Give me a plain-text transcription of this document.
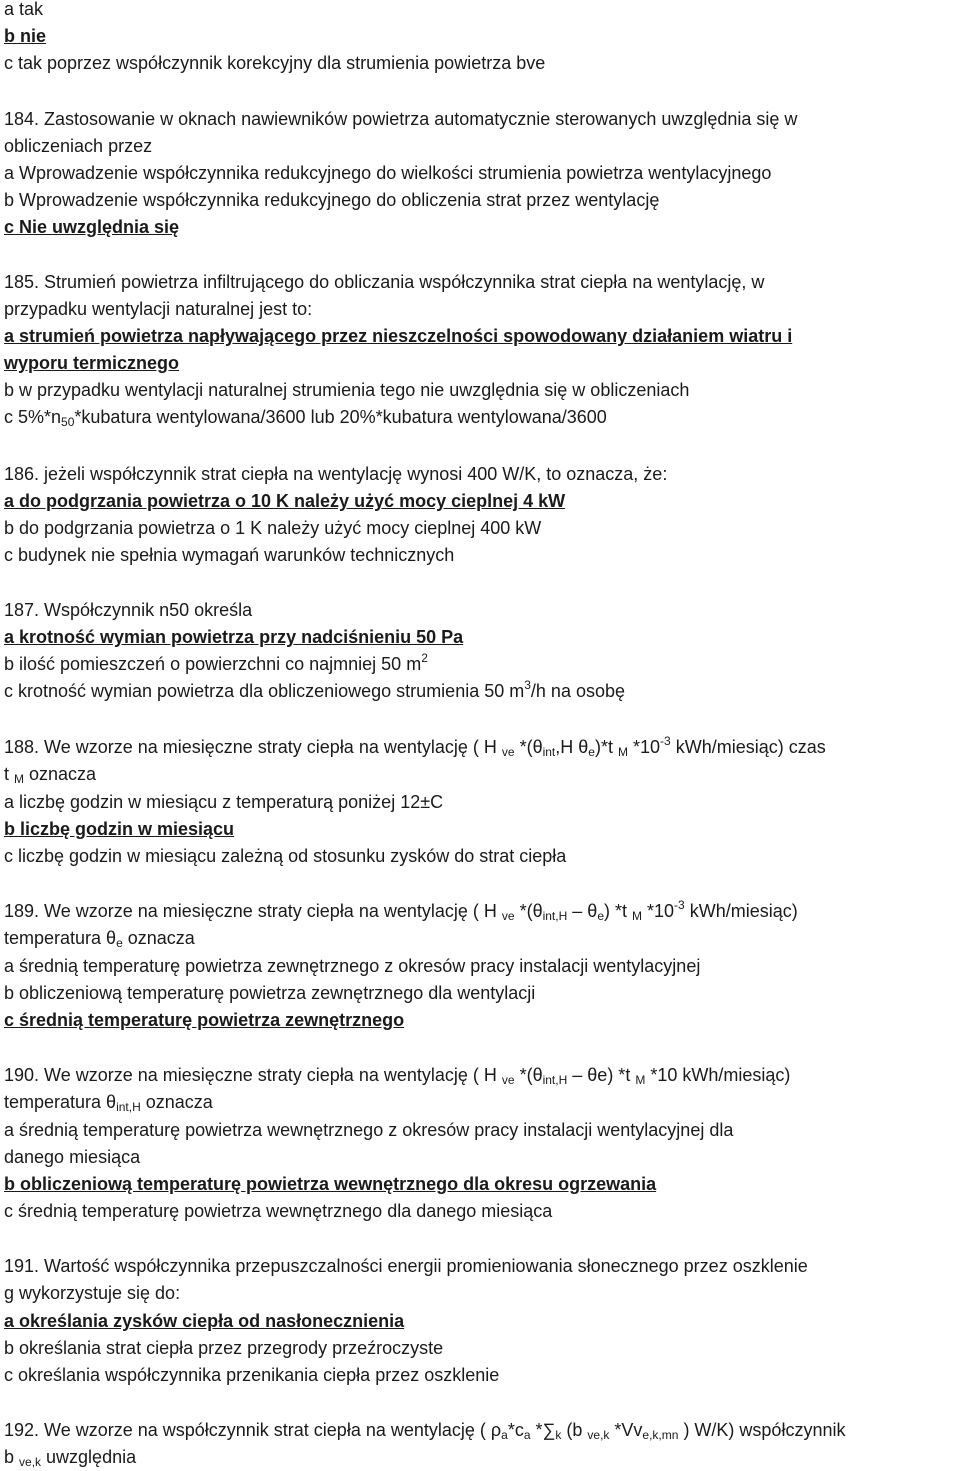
a tak
b nie
c tak poprzez współczynnik korekcyjny dla strumienia powietrza bve
184. Zastosowanie w oknach nawiewników powietrza automatycznie sterowanych uwzględnia się w
obliczeniach przez
a Wprowadzenie współczynnika redukcyjnego do wielkości strumienia powietrza wentylacyjnego
b Wprowadzenie współczynnika redukcyjnego do obliczenia strat przez wentylację
c Nie uwzględnia się
185. Strumień powietrza infiltrującego do obliczania współczynnika strat ciepła na wentylację, w
przypadku wentylacji naturalnej jest to:
a strumień powietrza napływającego przez nieszczelności spowodowany działaniem wiatru i
wyporu termicznego
b w przypadku wentylacji naturalnej strumienia tego nie uwzględnia się w obliczeniach
c $5\%*n_{50}*kubatura$ wentylowana/3600 lub 20%*kubatura wentylowana/3600
186. jeżeli współczynnik strat ciepła na wentylację wynosi 400 W/K, to oznacza, że:
a do podgrzania powietrza o 10 K należy użyć mocy cieplnej 4 kW
b do podgrzania powietrza o 1 K należy użyć mocy cieplnej 400 kW
c budynek nie spełnia wymagań warunków technicznych
187. Współczynnik n50 określa
a krotność wymian powietrza przy nadciśnieniu 50 Pa
b ilość pomieszczeń o powierzchni co najmniej 50 $m^2$
c krotność wymian powietrza dla obliczeniowego strumienia 50 $m^3/h$ na osobę
188. We wzorze na miesięczne straty ciepła na wentylację ( H $_{ve}$ $*(\theta_{int},H$ $\theta_e)*t$ $_M$ $*10^{-3}$ kWh/miesiąc) czas
t $_M$ oznacza
a liczbę godzin w miesiącu z temperaturą poniżej 12±C
b liczbę godzin w miesiącu
c liczbę godzin w miesiącu zależną od stosunku zysków do strat ciepła
189. We wzorze na miesięczne straty ciepła na wentylację ( H $_{ve}$ $*(\theta_{int,H} - \theta_e)$ *t $_M$ $*10^{-3}$ kWh/miesiąc)
temperatura $\theta_e$ oznacza
a średnią temperaturę powietrza zewnętrznego z okresów pracy instalacji wentylacyjnej
b obliczeniową temperaturę powietrza zewnętrznego dla wentylacji
c średnią temperaturę powietrza zewnętrznego
190. We wzorze na miesięczne straty ciepła na wentylację ( H $_{ve}$ $*(\theta_{int,H} - \theta e)$ *t $_M$ *10 kWh/miesiąc)
temperatura $\theta_{int,H}$ oznacza
a średnią temperaturę powietrza wewnętrznego z okresów pracy instalacji wentylacyjnej dla
danego miesiąca
b obliczeniową temperaturę powietrza wewnętrznego dla okresu ogrzewania
c średnią temperaturę powietrza wewnętrznego dla danego miesiąca
191. Wartość współczynnika przepuszczalności energii promieniowania słonecznego przez oszklenie
g wykorzystuje się do:
a określania zysków ciepła od nasłonecznienia
b określania strat ciepła przez przegrody przeźroczyste
c określania współczynnika przenikania ciepła przez oszklenie
192. We wzorze na współczynnik strat ciepła na wentylację ( $\rho_a*c_a$ $*\sum_k$ (b $_{ve,k}$ $*Vv_{e,k,mn}$ ) W/K) współczynnik
b $_{ve,k}$ uwzględnia
